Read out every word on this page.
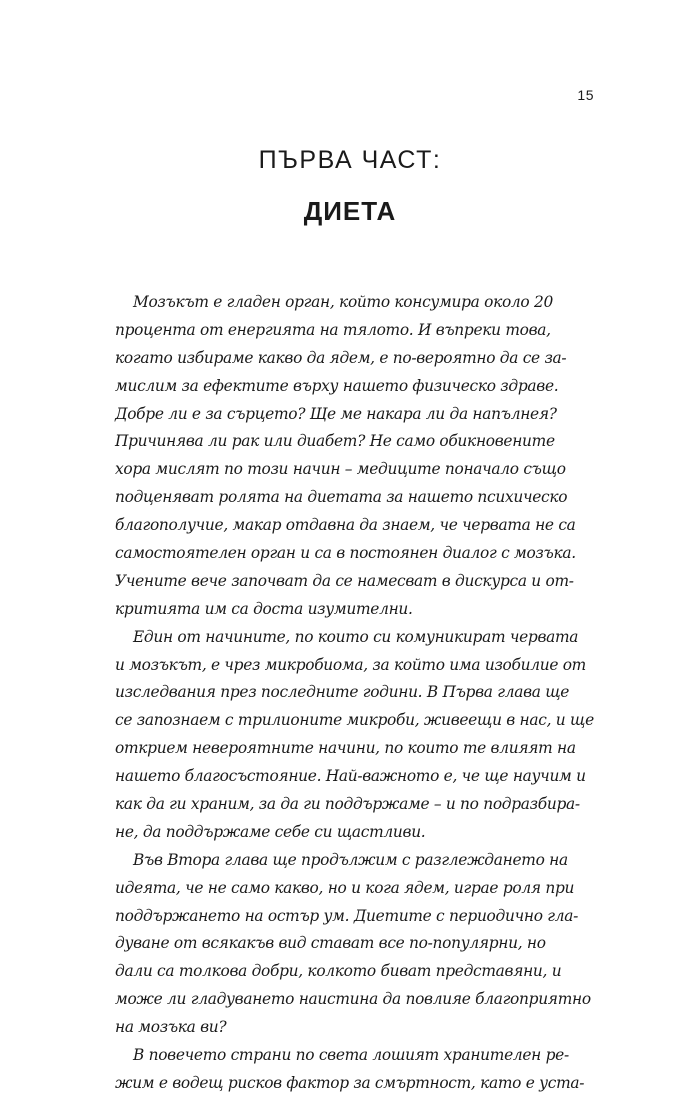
15
ПЪРВА ЧАСТ:
ДИЕТА
Мозъкът е гладен орган, който консумира около 20
процента от енергията на тялото. И въпреки това,
когато избираме какво да ядем, е по-вероятно да се за-
мислим за ефектите върху нашето физическо здраве.
Добре ли е за сърцето? Ще ме накара ли да напълнея?
Причинява ли рак или диабет? Не само обикновените
хора мислят по този начин – медиците поначало също
подценяват ролята на диетата за нашето психическо
благополучие, макар отдавна да знаем, че червата не са
самостоятелен орган и са в постоянен диалог с мозъка.
Учените вече започват да се намесват в дискурса и от-
критията им са доста изумителни.
Един от начините, по които си комуникират червата
и мозъкът, е чрез микробиома, за който има изобилие от
изследвания през последните години. В Първа глава ще
се запознаем с трилионите микроби, живеещи в нас, и ще
открием невероятните начини, по които те влияят на
нашето благосъстояние. Най-важното е, че ще научим и
как да ги храним, за да ги поддържаме – и по подразбира-
не, да поддържаме себе си щастливи.
Във Втора глава ще продължим с разглеждането на
идеята, че не само какво, но и кога ядем, играе роля при
поддържането на остър ум. Диетите с периодично гла-
дуване от всякакъв вид стават все по-популярни, но
дали са толкова добри, колкото биват представяни, и
може ли гладуването наистина да повлияе благоприятно
на мозъка ви?
В повечето страни по света лошият хранителен ре-
жим е водещ рисков фактор за смъртност, като е уста-
